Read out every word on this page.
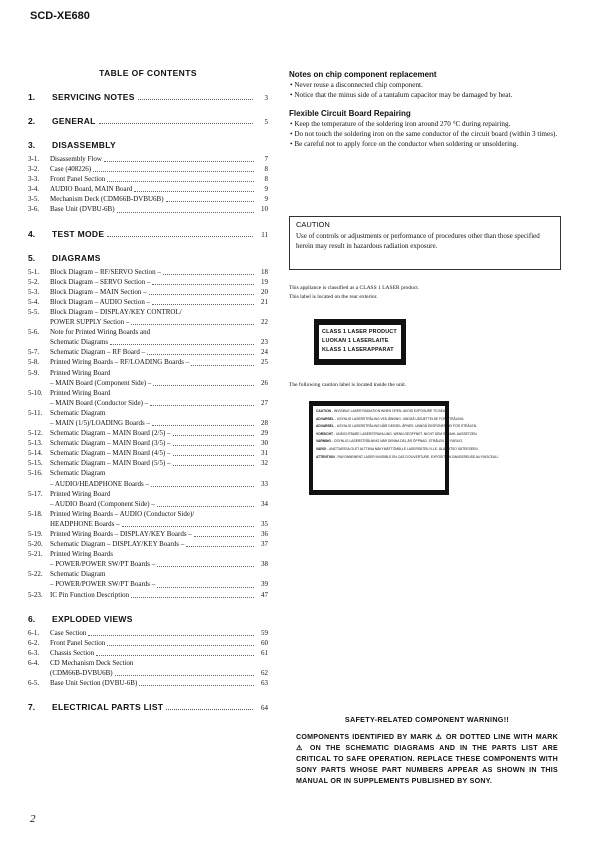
SCD-XE680
TABLE OF CONTENTS
1.	SERVICING NOTES	3
2.	GENERAL	5
3.	DISASSEMBLY
3-1.	Disassembly Flow	7
3-2.	Case (408226)	8
3-3.	Front Panel Section	8
3-4.	AUDIO Board, MAIN Board	9
3-5.	Mechanism Deck (CDM66B-DVBU6B)	9
3-6.	Base Unit (DVBU-6B)	10
4.	TEST MODE	11
5.	DIAGRAMS
5-1.	Block Diagram – RF/SERVO Section –	18
5-2.	Block Diagram – SERVO Section –	19
5-3.	Block Diagram – MAIN Section –	20
5-4.	Block Diagram – AUDIO Section –	21
5-5.	Block Diagram – DISPLAY/KEY CONTROL/
POWER SUPPLY Section –	22
5-6.	Note for Printed Wiring Boards and
Schematic Diagrams	23
5-7.	Schematic Diagram – RF Board –	24
5-8.	Printed Wiring Boards – RF/LOADING Boards –	25
5-9.	Printed Wiring Board
– MAIN Board (Component Side) –	26
5-10.	Printed Wiring Board
– MAIN Board (Conductor Side) –	27
5-11.	Schematic Diagram
– MAIN (1/5)/LOADING Boards –	28
5-12.	Schematic Diagram – MAIN Board (2/5) –	29
5-13.	Schematic Diagram – MAIN Board (3/5) –	30
5-14.	Schematic Diagram – MAIN Board (4/5) –	31
5-15.	Schematic Diagram – MAIN Board (5/5) –	32
5-16.	Schematic Diagram
– AUDIO/HEADPHONE Boards –	33
5-17.	Printed Wiring Board
– AUDIO Board (Component Side) –	34
5-18.	Printed Wiring Boards – AUDIO (Conductor Side)/
HEADPHONE Boards –	35
5-19.	Printed Wiring Boards – DISPLAY/KEY Boards –	36
5-20.	Schematic Diagram – DISPLAY/KEY Boards –	37
5-21.	Printed Wiring Boards
– POWER/POWER SW/PT Boards –	38
5-22.	Schematic Diagram
– POWER/POWER SW/PT Boards –	39
5-23.	IC Pin Function Description	47
6.	EXPLODED VIEWS
6-1.	Case Section	59
6-2.	Front Panel Section	60
6-3.	Chassis Section	61
6-4.	CD Mechanism Deck Section
(CDM66B-DVBU6B)	62
6-5.	Base Unit Section (DVBU-6B)	63
7.	ELECTRICAL PARTS LIST	64
Notes on chip component replacement
• Never reuse a disconnected chip component.
• Notice that the minus side of a tantalum capacitor may be damaged by heat.
Flexible Circuit Board Repairing
• Keep the temperature of the soldering iron around 270 °C during repairing.
• Do not touch the soldering iron on the same conductor of the circuit board (within 3 times).
• Be careful not to apply force on the conductor when soldering or unsoldering.
CAUTION
Use of controls or adjustments or performance of procedures other than those specified herein may result in hazardous radiation exposure.
This appliance is classified as a CLASS 1 LASER product.
This label is located on the rear exterior.
CLASS 1 LASER PRODUCT
LUOKAN 1 LASERLAITE
KLASS 1 LASERAPPARAT
The following caution label is located inside the unit.
CAUTION - INVISIBLE LASER RADIATION WHEN OPEN. AVOID EXPOSURE TO BEAM.
ADVARSEL - USYNLIG LASERSTRÅLING VED ÅBNING. UNDGÅ UDSÆTTELSE FOR STRÅLING.
ADVARSEL - USYNLIG LASERSTRÅLING NÅR DEKSEL ÅPNES. UNNGÅ EKSPONERING FOR STRÅLEN.
VORSICHT - UNSICHTBARE LASERSTRAHLUNG, WENN GEÖFFNET. NICHT DEM STRAHL AUSSETZEN.
VARNING - OSYNLIG LASERSTRÅLNING NÄR DENNA DEL ÄR ÖPPNAD. STRÅLEN ÄR FARLIG.
VARO! - AVATTAESSA OLET ALTTIINA NÄKYMÄTTÖMÄLLE LASERSÄTEILYLLE. ÄLÄ KATSO SÄTEESEEN.
ATTENTION - RAYONNEMENT LASER INVISIBLE EN CAS D'OUVERTURE. EXPOSITION DANGEREUSE AU FAISCEAU.
SAFETY-RELATED COMPONENT WARNING!!
COMPONENTS IDENTIFIED BY MARK ⚠ OR DOTTED LINE WITH MARK ⚠ ON THE SCHEMATIC DIAGRAMS AND IN THE PARTS LIST ARE CRITICAL TO SAFE OPERATION. REPLACE THESE COMPONENTS WITH SONY PARTS WHOSE PART NUMBERS APPEAR AS SHOWN IN THIS MANUAL OR IN SUPPLEMENTS PUBLISHED BY SONY.
2
